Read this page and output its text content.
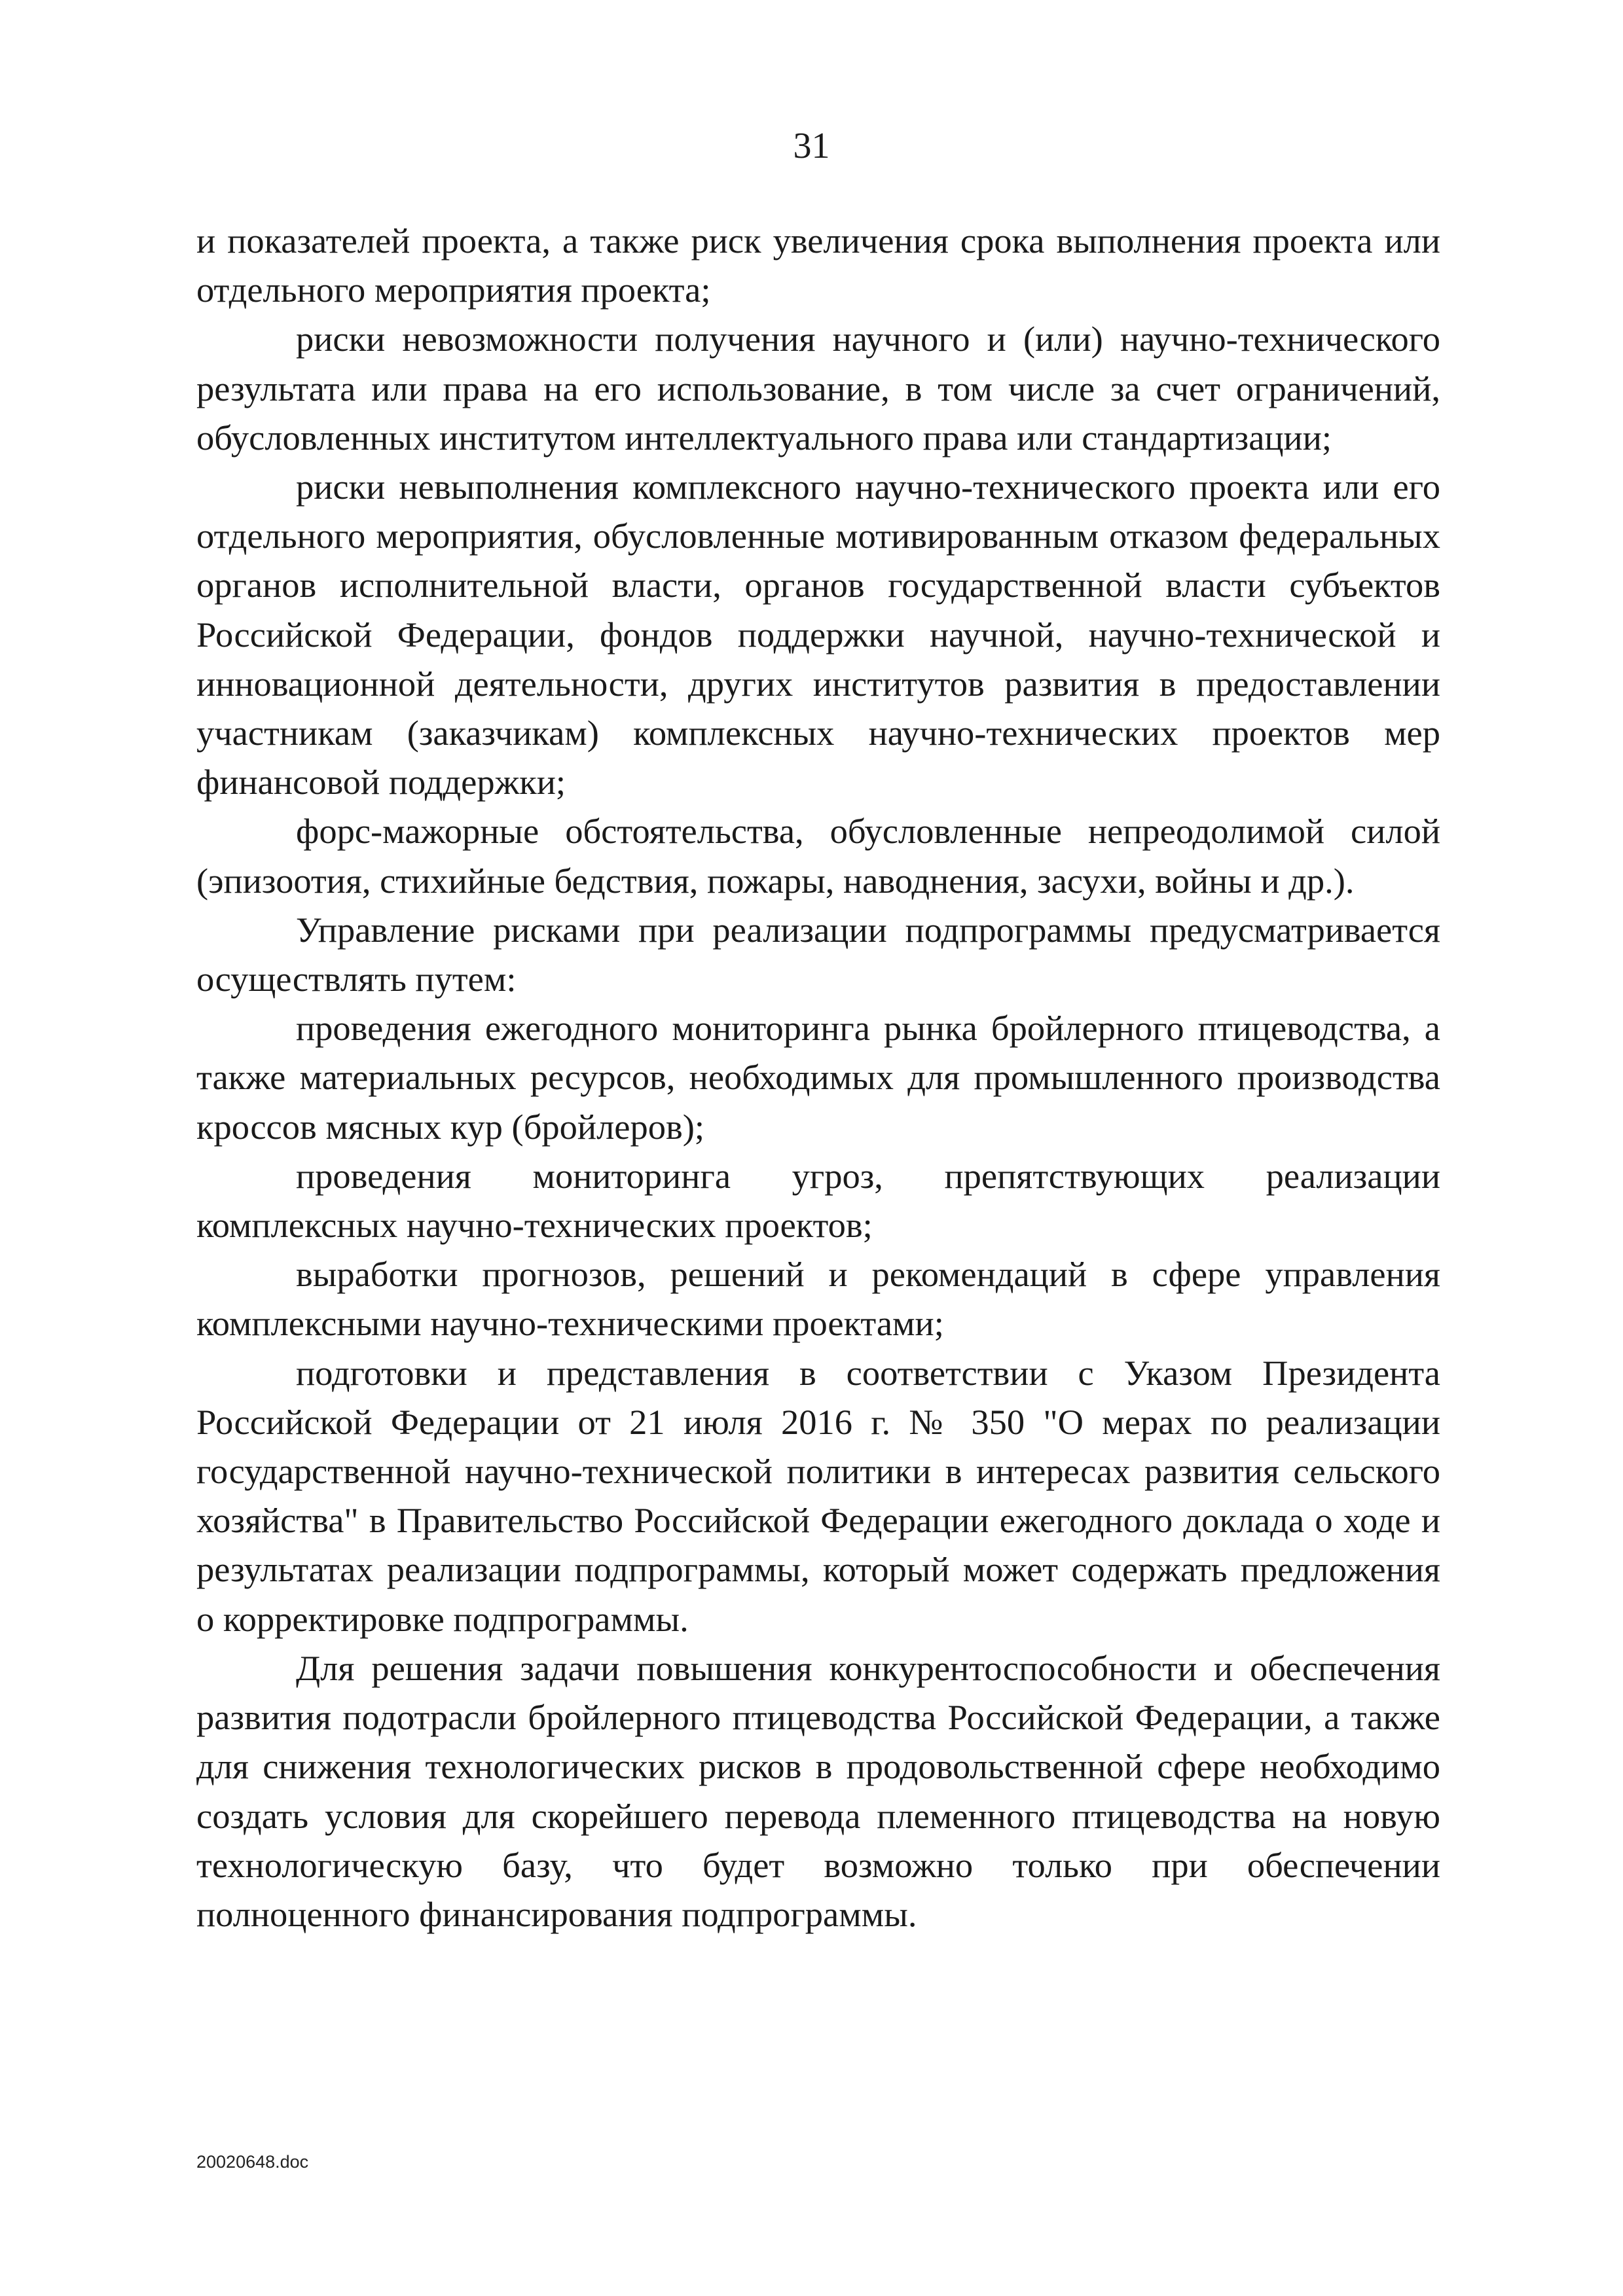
31

и показателей проекта, а также риск увеличения срока выполнения проекта или отдельного мероприятия проекта;

риски невозможности получения научного и (или) научно-технического результата или права на его использование, в том числе за счет ограничений, обусловленных институтом интеллектуального права или стандартизации;

риски невыполнения комплексного научно-технического проекта или его отдельного мероприятия, обусловленные мотивированным отказом федеральных органов исполнительной власти, органов государственной власти субъектов Российской Федерации, фондов поддержки научной, научно-технической и инновационной деятельности, других институтов развития в предоставлении участникам (заказчикам) комплексных научно-технических проектов мер финансовой поддержки;

форс-мажорные обстоятельства, обусловленные непреодолимой силой (эпизоотия, стихийные бедствия, пожары, наводнения, засухи, войны и др.).

Управление рисками при реализации подпрограммы предусматривается осуществлять путем:

проведения ежегодного мониторинга рынка бройлерного птицеводства, а также материальных ресурсов, необходимых для промышленного производства кроссов мясных кур (бройлеров);

проведения мониторинга угроз, препятствующих реализации комплексных научно-технических проектов;

выработки прогнозов, решений и рекомендаций в сфере управления комплексными научно-техническими проектами;

подготовки и представления в соответствии с Указом Президента Российской Федерации от 21 июля 2016 г. № 350 "О мерах по реализации государственной научно-технической политики в интересах развития сельского хозяйства" в Правительство Российской Федерации ежегодного доклада о ходе и результатах реализации подпрограммы, который может содержать предложения о корректировке подпрограммы.

Для решения задачи повышения конкурентоспособности и обеспечения развития подотрасли бройлерного птицеводства Российской Федерации, а также для снижения технологических рисков в продовольственной сфере необходимо создать условия для скорейшего перевода племенного птицеводства на новую технологическую базу, что будет возможно только при обеспечении полноценного финансирования подпрограммы.

20020648.doc
